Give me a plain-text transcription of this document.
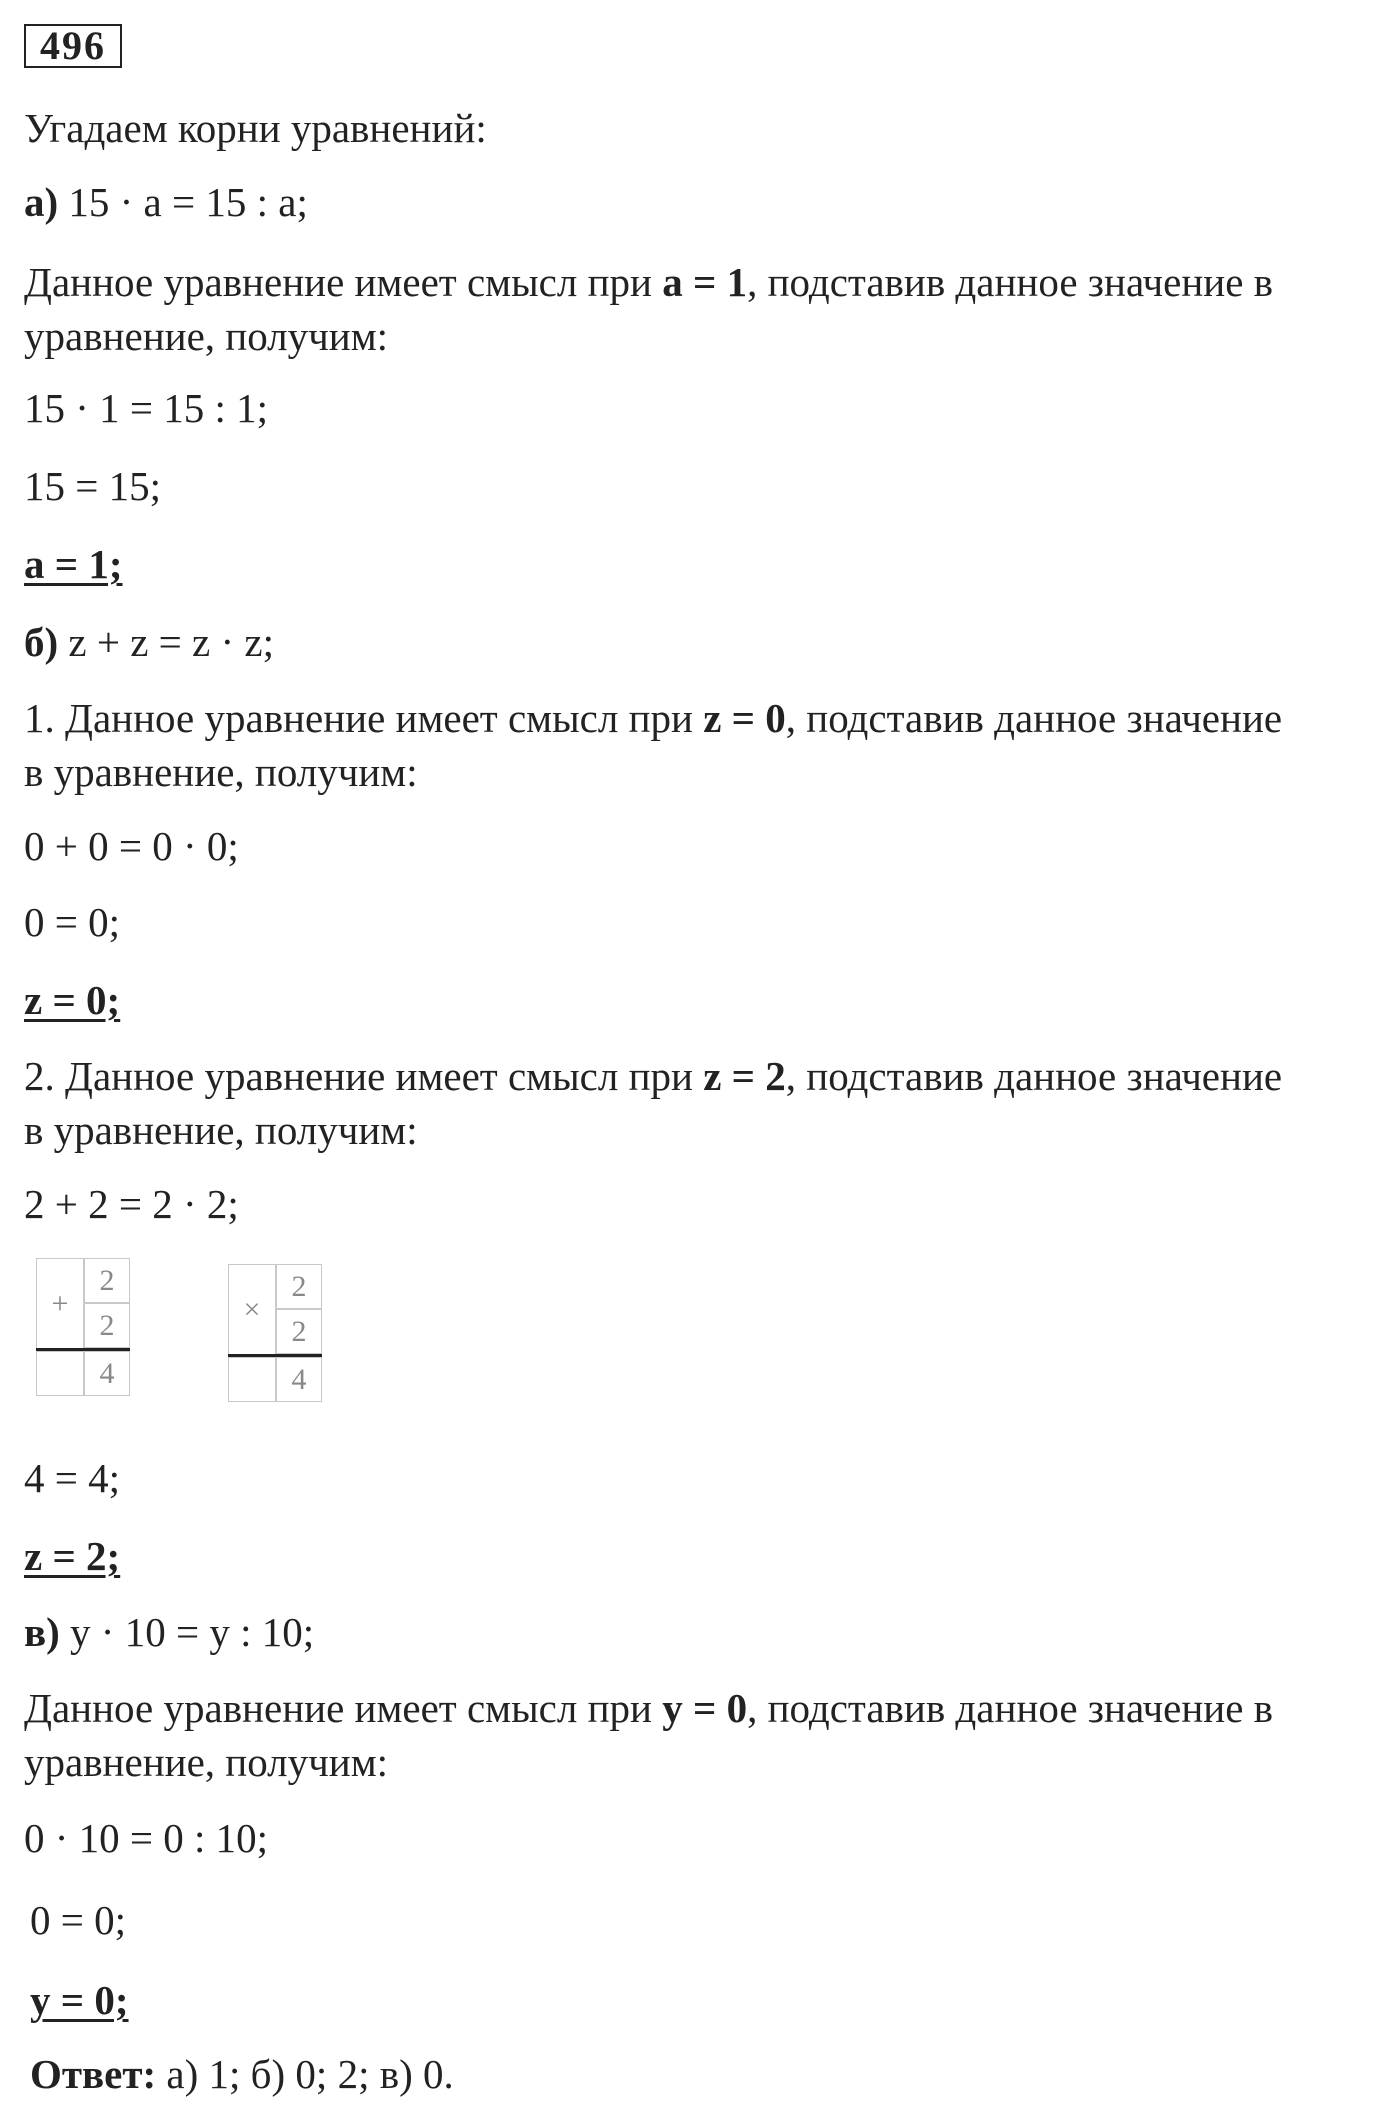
496
Угадаем корни уравнений:
а) 15 · a = 15 : a;
Данное уравнение имеет смысл при a = 1, подставив данное значение в
уравнение, получим:
15 · 1 = 15 : 1;
15 = 15;
a = 1;
б) z + z = z · z;
1. Данное уравнение имеет смысл при z = 0, подставив данное значение
в уравнение, получим:
0 + 0 = 0 · 0;
0 = 0;
z = 0;
2. Данное уравнение имеет смысл при z = 2, подставив данное значение
в уравнение, получим:
2 + 2 = 2 · 2;
+
2
2
4
×
2
2
4
4 = 4;
z = 2;
в) y · 10 = y : 10;
Данное уравнение имеет смысл при y = 0, подставив данное значение в
уравнение, получим:
0 · 10 = 0 : 10;
0 = 0;
y = 0;
Ответ: а) 1; б) 0; 2; в) 0.
